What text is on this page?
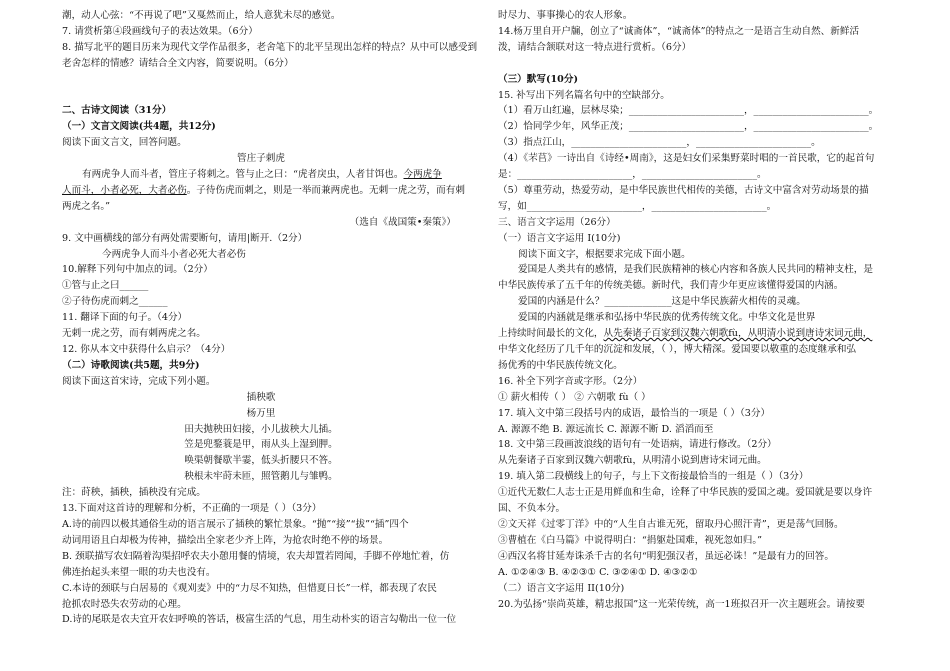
潮，动人心弦：“不再说了吧”又戛然而止，给人意犹未尽的感觉。

7. 请赏析第④段画线句子的表达效果。（6分）

8. 描写北平的题目历来为现代文学作品很多，老舍笔下的北平呈现出怎样的特点？从中可以感受到

老舍怎样的情感？请结合全文内容，简要说明。（6分）

二、古诗文阅读（31分）

（一）文言文阅读(共4题，共12分)

阅读下面文言文，回答问题。

管庄子刺虎

有两虎争人而斗者，管庄子将刺之。管与止之曰：“虎者戾虫，人者甘饵也。今两虎争

人而斗，小者必死，大者必伤。子待伤虎而刺之，则是一举而兼两虎也。无刺一虎之劳，而有刺

两虎之名。”

（选自《战国策•秦策》）

9. 文中画横线的部分有两处需要断句，请用|断开.（2分）

今两虎争人而斗小者必死大者必伤

10.解释下列句中加点的词。（2分）

①管与止之曰______

②子待伤虎而刺之______

11. 翻译下面的句子。（4分）

无刺一虎之劳，而有刺两虎之名。

12. 你从本文中获得什么启示？（4分）

（二）诗歌阅读(共5题，共9分)

阅读下面这首宋诗，完成下列小题。

插秧歌

杨万里

田夫抛秧田妇接，小儿拔秧大儿插。

笠是兜鍪蓑是甲，雨从头上湿到胛。

唤渠朝餐歇半霎，低头折腰只不答。

秧根未牢莳未匝，照管鹅儿与雏鸭。

注：莳秧，插秧，插秧没有完成。

13.下面对这首诗的理解和分析，不正确的一项是（ ）（3分）

A.诗的前四以极其通俗生动的语言展示了插秧的繁忙景象。“抛”“接”“拔”“插”四个

动词用语且白却极为传神，描绘出全家老少齐上阵，为抢农时绝不停的场景。

B. 颈联描写农妇隔着沟渠招呼农夫小憩用餐的情境，农夫却置若罔闻，手脚不停地忙着，仿

佛连抬起头来望一眼的功夫也没有。

C.本诗的颈联与白居易的《观刈麦》中的“力尽不知热，但惜夏日长”一样，都表现了农民

抢抓农时恐失农劳动的心理。

D.诗的尾联是农夫宜开农妇呼唤的答话，极富生活的气息，用生动朴实的语言勾勒出一位一位

时尽力、事事操心的农人形象。

14.杨万里自开户牖，创立了“诚斋体”，“诚斋体”的特点之一是语言生动自然、新鲜活

泼，请结合颔联对这一特点进行赏析。（6分）

（三）默写(10分)

15. 补写出下列名篇名句中的空缺部分。

（1）看万山红遍，层林尽染；________________________，________________________。

（2）恰同学少年，风华正茂；________________________，________________________。

（3）指点江山，________________________，________________________。

（4）《芣苢》一诗出自《诗经•周南》，这是妇女们采集野菜时唱的一首民歌，它的起首句

是：________________________，________________________。

（5）尊重劳动，热爱劳动，是中华民族世代相传的美德，古诗文中富含对劳动场景的描

写，如________________________，________________________。

三、语言文字运用（26分）

（一）语言文字运用 I(10分)

阅读下面文字，根据要求完成下面小题。

爱国是人类共有的感情，是我们民族精神的核心内容和各族人民共同的精神支柱，是

中华民族传承了五千年的传统美德。新时代，我们青少年更应该懂得爱国的内涵。

爱国的内涵是什么？______________这是中华民族薪火相传的灵魂。

爱国的内涵就是继承和弘扬中华民族的优秀传统文化。中华文化是世界

上持续时间最长的文化，从先秦诸子百家到汉魏六朝歌fù，从明清小说到唐诗宋词元曲，

中华文化经历了几千年的沉淀和发展，（ ），博大精深。爱国要以敬重的态度继承和弘

扬优秀的中华民族传统文化。

16. 补全下列字音或字形。（2分）

① 薪火相传（ ） ② 六朝歌 fù（ ）

17. 填入文中第三段括号内的成语，最恰当的一项是（ ）（3分）

A. 源源不绝 B. 源远流长 C. 源源不断 D. 滔滔而至

18. 文中第三段画波浪线的语句有一处语病，请进行修改。（2分）

从先秦诸子百家到汉魏六朝歌fù，从明清小说到唐诗宋词元曲。

19. 填入第二段横线上的句子，与上下文衔接最恰当的一组是（ ）（3分）

①近代无数仁人志士正是用鲜血和生命，诠释了中华民族的爱国之魂。爱国就是要以身许

国、不负本分。

②文天祥《过零丁洋》中的“人生自古谁无死，留取丹心照汗青”，更是荡气回肠。

③曹植在《白马篇》中说得明白：“捐躯赴国难，视死忽如归。”

④西汉名将甘延寿诛杀千古的名句“明犯强汉者，虽远必诛！”是最有力的回答。

A. ①②④③ B. ④②③① C. ③②④① D. ④③②①

（二）语言文字运用 II(10分)

20.为弘扬“崇尚英雄，精忠报国”这一光荣传统，高一1班拟召开一次主题班会。请按要
